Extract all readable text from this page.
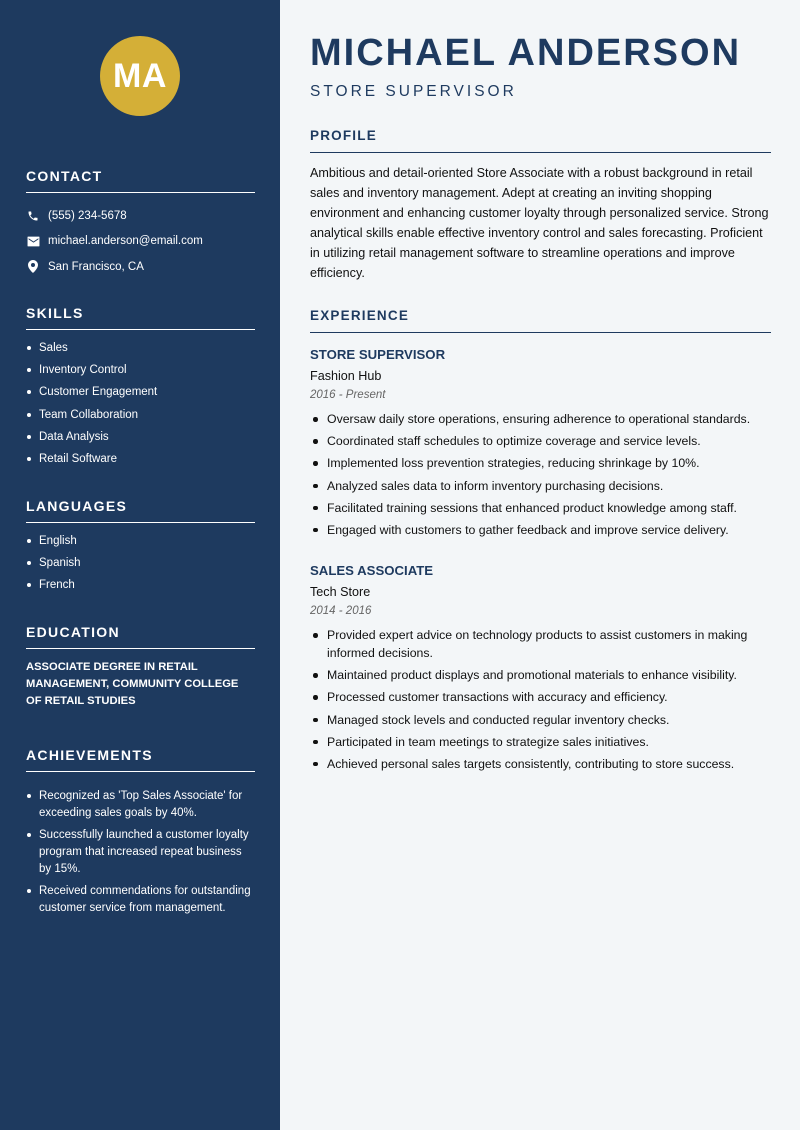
MA
CONTACT
(555) 234-5678
michael.anderson@email.com
San Francisco, CA
SKILLS
Sales
Inventory Control
Customer Engagement
Team Collaboration
Data Analysis
Retail Software
LANGUAGES
English
Spanish
French
EDUCATION
ASSOCIATE DEGREE IN RETAIL MANAGEMENT, COMMUNITY COLLEGE OF RETAIL STUDIES
ACHIEVEMENTS
Recognized as 'Top Sales Associate' for exceeding sales goals by 40%.
Successfully launched a customer loyalty program that increased repeat business by 15%.
Received commendations for outstanding customer service from management.
MICHAEL ANDERSON
STORE SUPERVISOR
PROFILE
Ambitious and detail-oriented Store Associate with a robust background in retail sales and inventory management. Adept at creating an inviting shopping environment and enhancing customer loyalty through personalized service. Strong analytical skills enable effective inventory control and sales forecasting. Proficient in utilizing retail management software to streamline operations and improve efficiency.
EXPERIENCE
STORE SUPERVISOR
Fashion Hub
2016 - Present
Oversaw daily store operations, ensuring adherence to operational standards.
Coordinated staff schedules to optimize coverage and service levels.
Implemented loss prevention strategies, reducing shrinkage by 10%.
Analyzed sales data to inform inventory purchasing decisions.
Facilitated training sessions that enhanced product knowledge among staff.
Engaged with customers to gather feedback and improve service delivery.
SALES ASSOCIATE
Tech Store
2014 - 2016
Provided expert advice on technology products to assist customers in making informed decisions.
Maintained product displays and promotional materials to enhance visibility.
Processed customer transactions with accuracy and efficiency.
Managed stock levels and conducted regular inventory checks.
Participated in team meetings to strategize sales initiatives.
Achieved personal sales targets consistently, contributing to store success.
